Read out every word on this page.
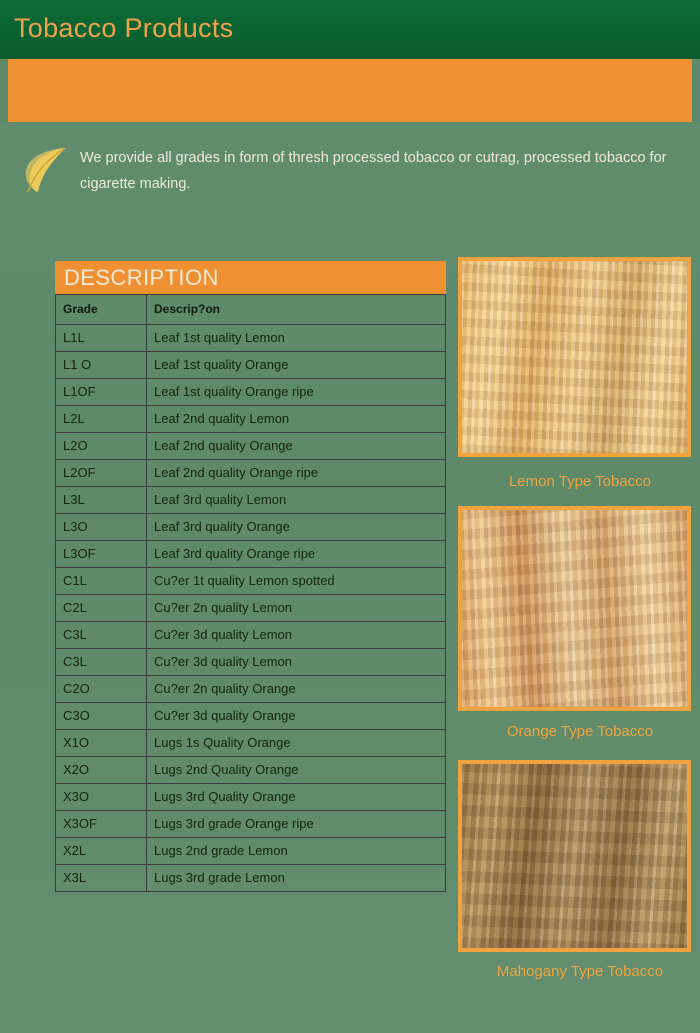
Tobacco Products
We provide all grades in form of thresh processed tobacco or cutrag, processed tobacco for cigarette making.
DESCRIPTION
Grade	Descrip?on
L1L	Leaf 1st quality Lemon
L1 O	Leaf 1st quality Orange
L1OF	Leaf 1st quality Orange ripe
L2L	Leaf 2nd quality Lemon
L2O	Leaf 2nd quality Orange
L2OF	Leaf 2nd quality Orange ripe
L3L	Leaf 3rd quality Lemon
L3O	Leaf 3rd quality Orange
L3OF	Leaf 3rd quality Orange ripe
C1L	Cu?er 1t quality Lemon spotted
C2L	Cu?er 2n quality Lemon
C3L	Cu?er 3d quality Lemon
C3L	Cu?er 3d quality Lemon
C2O	Cu?er 2n quality Orange
C3O	Cu?er 3d quality Orange
X1O	Lugs 1s Quality Orange
X2O	Lugs 2nd Quality Orange
X3O	Lugs 3rd Quality Orange
X3OF	Lugs 3rd grade Orange ripe
X2L	Lugs 2nd grade Lemon
X3L	Lugs 3rd grade Lemon
Lemon Type Tobacco
Orange Type Tobacco
Mahogany Type Tobacco
